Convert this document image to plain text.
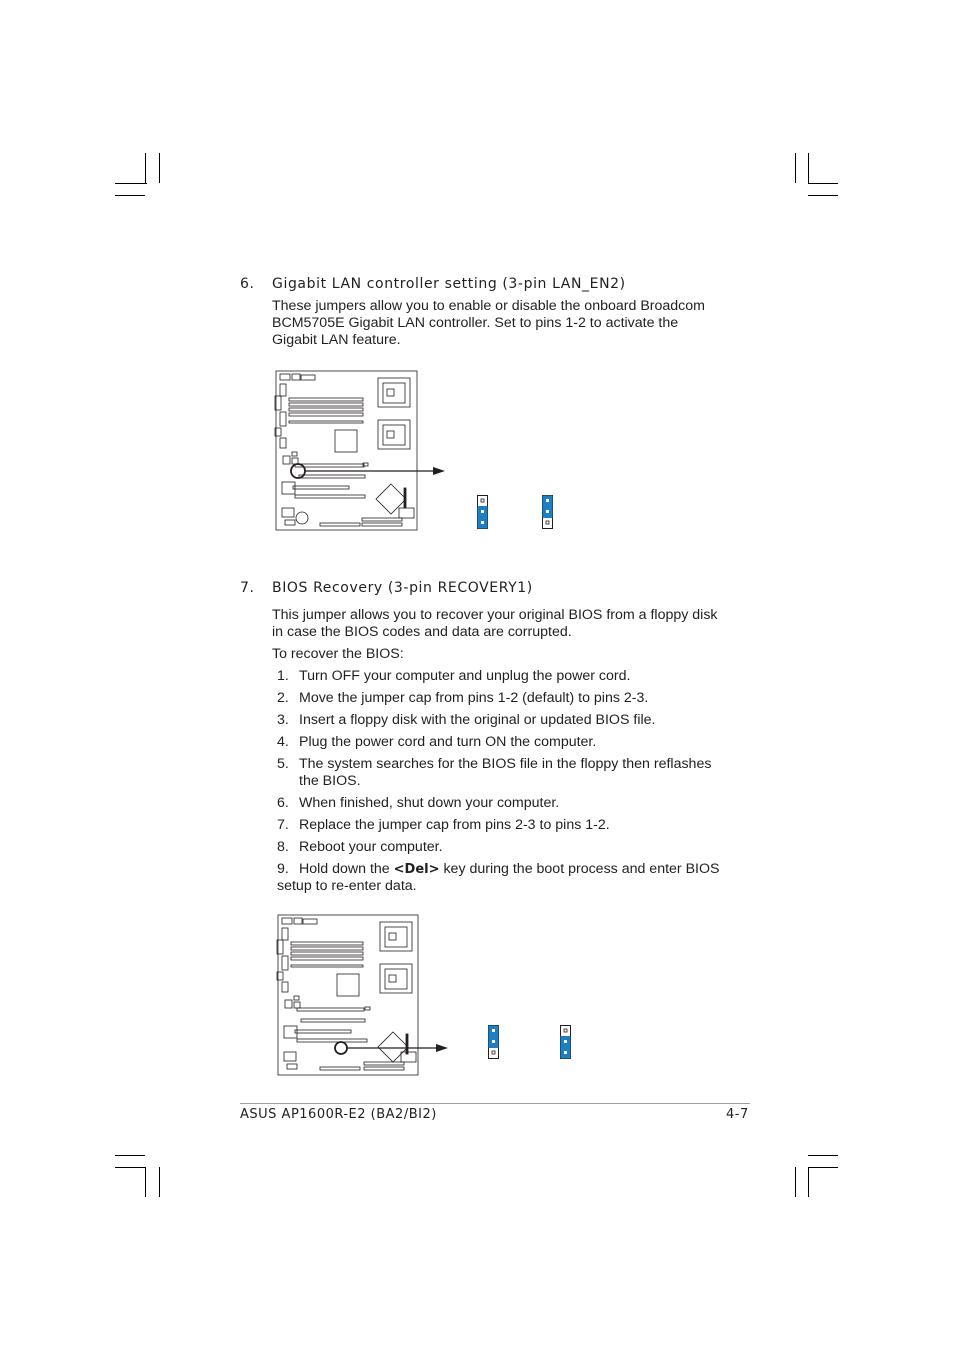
6. Gigabit LAN controller setting (3-pin LAN_EN2)
These jumpers allow you to enable or disable the onboard Broadcom
BCM5705E Gigabit LAN controller. Set to pins 1-2 to activate the
Gigabit LAN feature.
7. BIOS Recovery (3-pin RECOVERY1)
This jumper allows you to recover your original BIOS from a floppy disk
in case the BIOS codes and data are corrupted.
To recover the BIOS:
1. Turn OFF your computer and unplug the power cord.
2. Move the jumper cap from pins 1-2 (default) to pins 2-3.
3. Insert a floppy disk with the original or updated BIOS file.
4. Plug the power cord and turn ON the computer.
5. The system searches for the BIOS file in the floppy then reflashes
the BIOS.
6. When finished, shut down your computer.
7. Replace the jumper cap from pins 2-3 to pins 1-2.
8. Reboot your computer.
9. Hold down the <Del> key during the boot process and enter BIOS
setup to re-enter data.
ASUS AP1600R-E2 (BA2/BI2)	4-7
